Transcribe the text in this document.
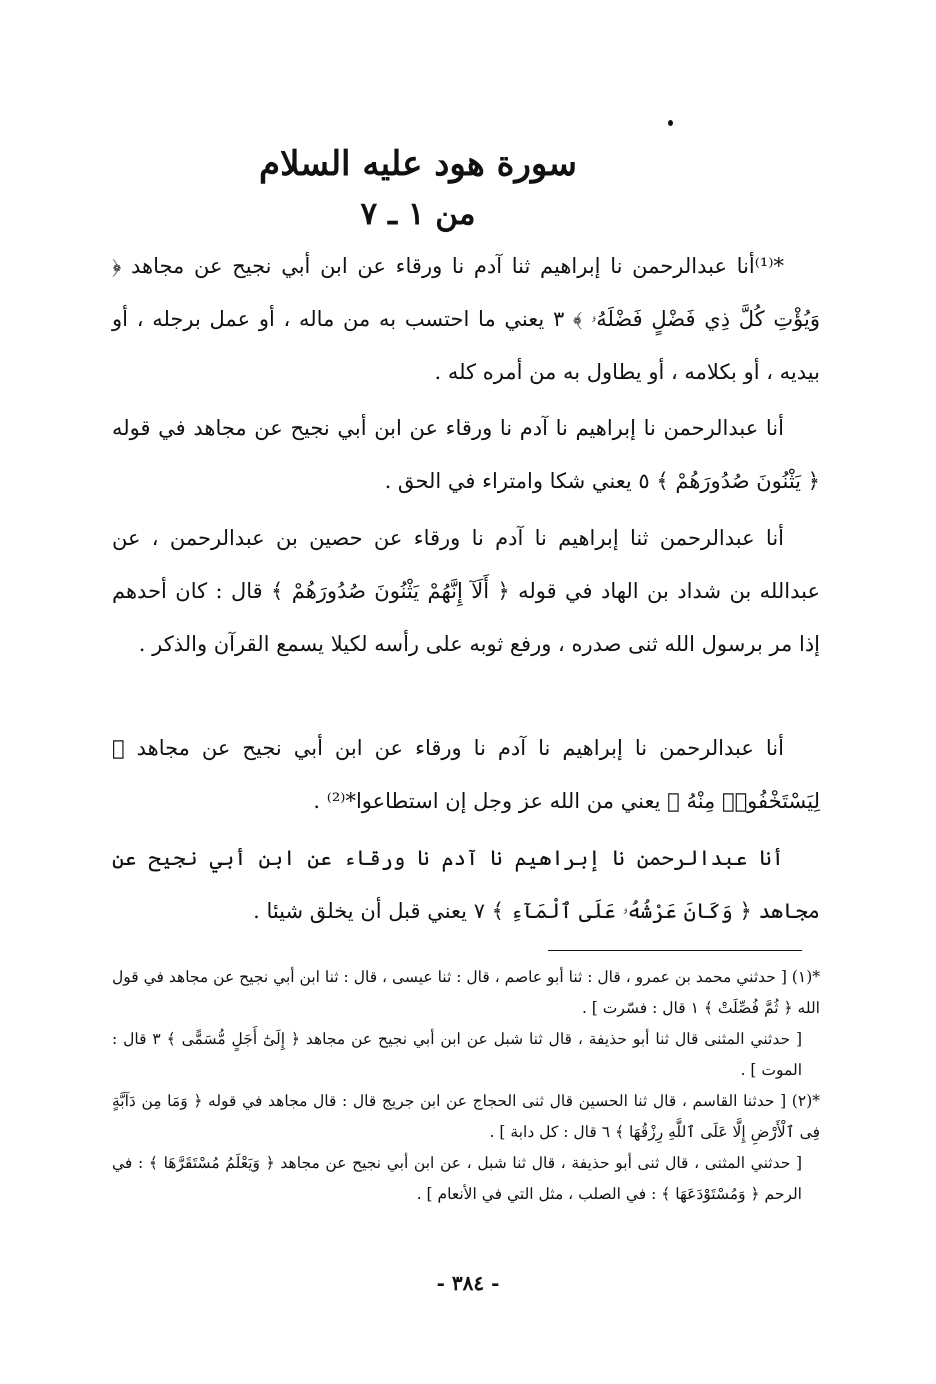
سورة هود عليه السلام
من ١ ـ ٧

*⁽¹⁾أنا عبدالرحمن نا إبراهيم ثنا آدم نا ورقاء عن ابن أبي نجيح عن مجاهد ﴿ وَيُؤْتِ كُلَّ ذِي فَضْلٍ فَضْلَهُۥ ﴾ ٣ يعني ما احتسب به من ماله ، أو عمل برجله ، أو بيديه ، أو بكلامه ، أو يطاول به من أمره كله .

أنا عبدالرحمن نا إبراهيم نا آدم نا ورقاء عن ابن أبي نجيح عن مجاهد في قوله ﴿ يَثْنُونَ صُدُورَهُمْ ﴾ ٥ يعني شكا وامتراء في الحق .

أنا عبدالرحمن ثنا إبراهيم نا آدم نا ورقاء عن حصين بن عبدالرحمن ، عن عبدالله بن شداد بن الهاد في قوله ﴿ أَلَآ إِنَّهُمْ يَثْنُونَ صُدُورَهُمْ ﴾ قال : كان أحدهم إذا مر برسول الله ثنى صدره ، ورفع ثوبه على رأسه لكيلا يسمع القرآن والذكر .

أنا عبدالرحمن نا إبراهيم نا آدم نا ورقاء عن ابن أبي نجيح عن مجاهد ﴿ لِيَسْتَخْفُوا۟ مِنْهُ ﴾ يعني من الله عز وجل إن استطاعوا*⁽²⁾ .

أنا عبدالرحمن نا إبراهيم نا آدم نا ورقاء عن ابن أبي نجيح عن مجاهد ﴿ وَكَانَ عَرْشُهُۥ عَلَى ٱلْمَآءِ ﴾ ٧ يعني قبل أن يخلق شيئا .

*(١) [ حدثني محمد بن عمرو ، قال : ثنا أبو عاصم ، قال : ثنا عيسى ، قال : ثنا ابن أبي نجيح عن مجاهد في قول الله ﴿ ثُمَّ فُصِّلَتْ ﴾ ١ قال : فسّرت ] .

[ حدثني المثنى قال ثنا أبو حذيفة ، قال ثنا شبل عن ابن أبي نجيح عن مجاهد ﴿ إِلَىٰٓ أَجَلٍ مُّسَمًّى ﴾ ٣ قال : الموت ] .

*(٢) [ حدثنا القاسم ، قال ثنا الحسين قال ثنى الحجاج عن ابن جريج قال : قال مجاهد في قوله ﴿ وَمَا مِن دَآبَّةٍ فِى ٱلْأَرْضِ إِلَّا عَلَى ٱللَّهِ رِزْقُهَا ﴾ ٦ قال : كل دابة ] .

[ حدثني المثنى ، قال ثنى أبو حذيفة ، قال ثنا شبل ، عن ابن أبي نجيح عن مجاهد ﴿ وَيَعْلَمُ مُسْتَقَرَّهَا ﴾ : في الرحم ﴿ وَمُسْتَوْدَعَهَا ﴾ : في الصلب ، مثل التي في الأنعام ] .

- ٣٨٤ -
